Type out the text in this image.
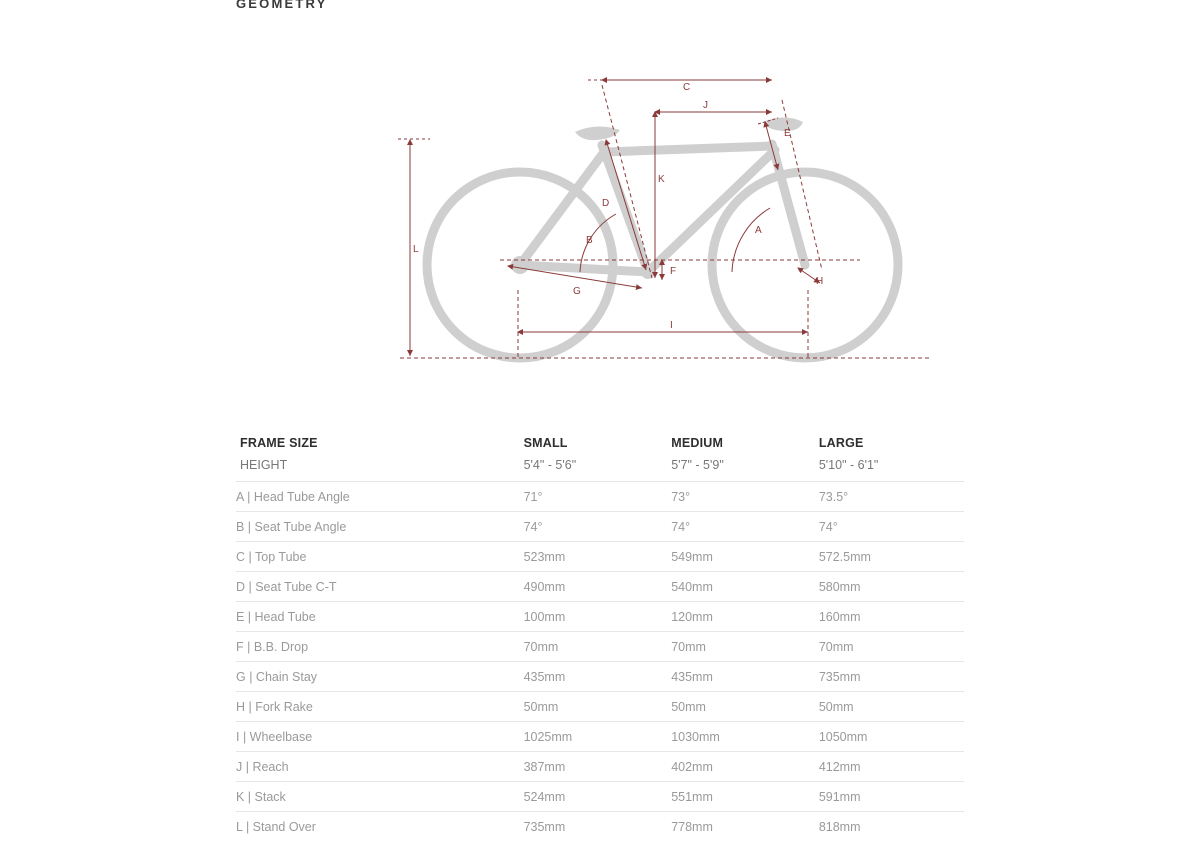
GEOMETRY
C
J
K
E
D
B
A
F
G
H
I
L
FRAME SIZE	SMALL	MEDIUM	LARGE
HEIGHT	5'4" - 5'6"	5'7" - 5'9"	5'10" - 6'1"
A | Head Tube Angle	71°	73°	73.5°
B | Seat Tube Angle	74°	74°	74°
C | Top Tube	523mm	549mm	572.5mm
D | Seat Tube C-T	490mm	540mm	580mm
E | Head Tube	100mm	120mm	160mm
F | B.B. Drop	70mm	70mm	70mm
G | Chain Stay	435mm	435mm	735mm
H | Fork Rake	50mm	50mm	50mm
I | Wheelbase	1025mm	1030mm	1050mm
J | Reach	387mm	402mm	412mm
K | Stack	524mm	551mm	591mm
L | Stand Over	735mm	778mm	818mm
